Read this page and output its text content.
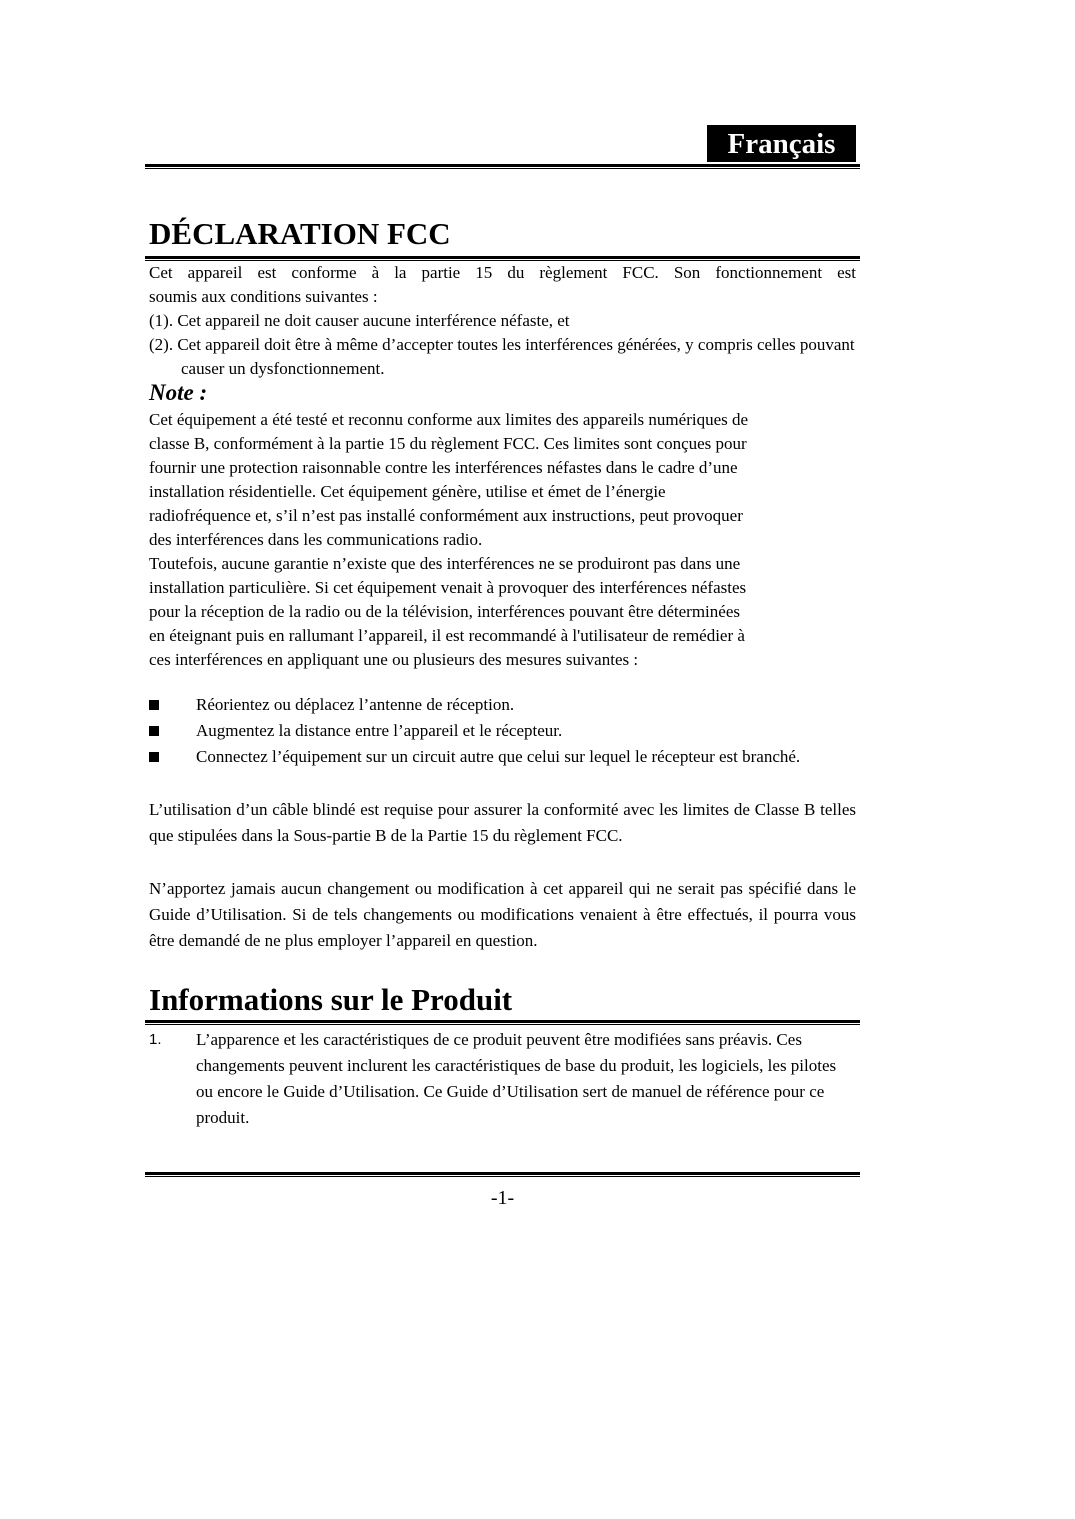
Français
DÉCLARATION FCC

Cet appareil est conforme à la partie 15 du règlement FCC. Son fonctionnement est

soumis aux conditions suivantes :

(1). Cet appareil ne doit causer aucune interférence néfaste, et

(2). Cet appareil doit être à même d’accepter toutes les interférences générées, y compris celles pouvant causer un dysfonctionnement.

Note :

Cet équipement a été testé et reconnu conforme aux limites des appareils numériques de
classe B, conformément à la partie 15 du règlement FCC. Ces limites sont conçues pour
fournir une protection raisonnable contre les interférences néfastes dans le cadre d’une
installation résidentielle. Cet équipement génère, utilise et émet de l’énergie
radiofréquence et, s’il n’est pas installé conformément aux instructions, peut provoquer
des interférences dans les communications radio.
Toutefois, aucune garantie n’existe que des interférences ne se produiront pas dans une
installation particulière. Si cet équipement venait à provoquer des interférences néfastes
pour la réception de la radio ou de la télévision, interférences pouvant être déterminées
en éteignant puis en rallumant l’appareil, il est recommandé à l'utilisateur de remédier à
ces interférences en appliquant une ou plusieurs des mesures suivantes :
Réorientez ou déplacez l’antenne de réception.
Augmentez la distance entre l’appareil et le récepteur.
Connectez l’équipement sur un circuit autre que celui sur lequel le récepteur est branché.
L’utilisation d’un câble blindé est requise pour assurer la conformité avec les limites de Classe B telles que stipulées dans la Sous-partie B de la Partie 15 du règlement FCC.
N’apportez jamais aucun changement ou modification à cet appareil qui ne serait pas spécifié dans le Guide d’Utilisation. Si de tels changements ou modifications venaient à être effectués, il pourra vous être demandé de ne plus employer l’appareil en question.
Informations sur le Produit
1.	L’apparence et les caractéristiques de ce produit peuvent être modifiées sans préavis. Ces changements peuvent inclurent les caractéristiques de base du produit, les logiciels, les pilotes ou encore le Guide d’Utilisation. Ce Guide d’Utilisation sert de manuel de référence pour ce produit.
-1-
